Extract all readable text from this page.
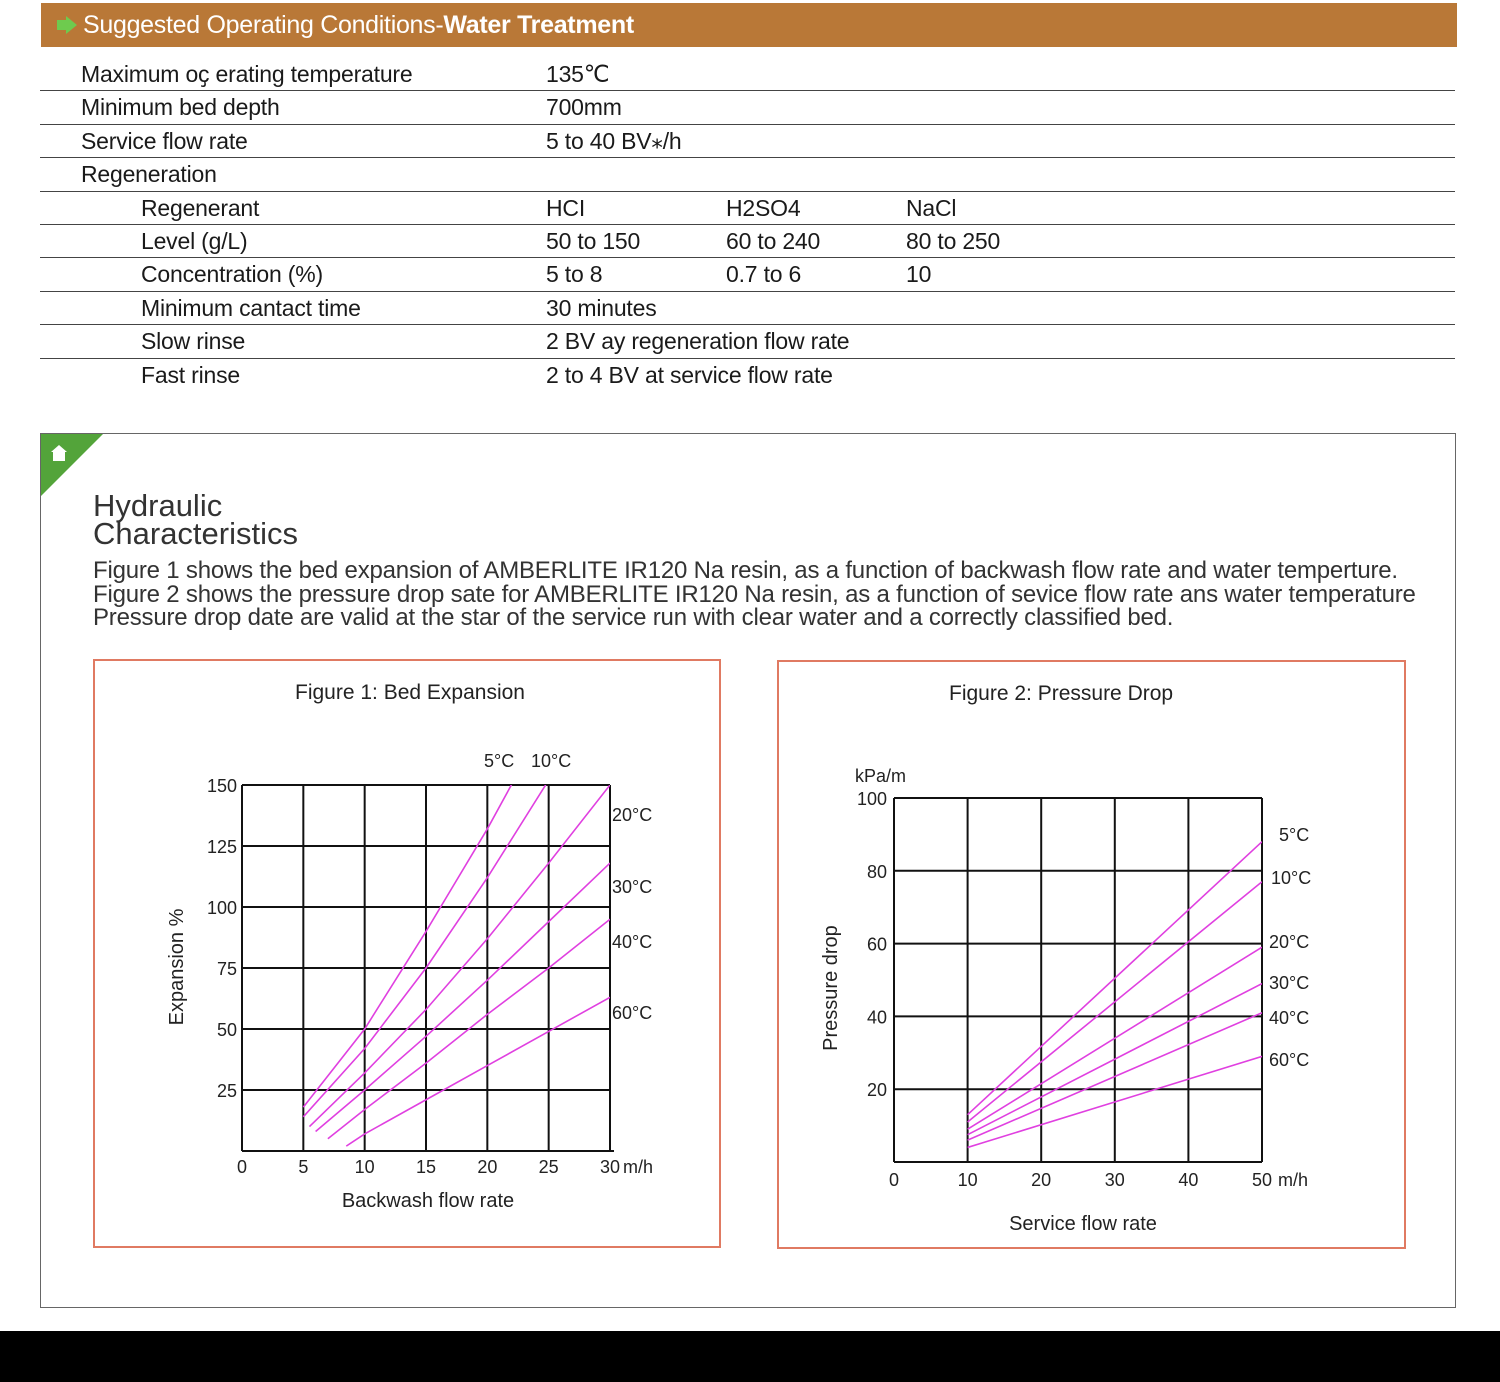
Suggested Operating Conditions-Water Treatment
Maximum oҫ erating temperature	135℃
Minimum bed depth	700mm
Service flow rate	5 to 40 BV⁎/h
Regeneration
Regenerant	HCI	H2SO4	NaCl
Level (g/L)	50 to 150	60 to 240	80 to 250
Concentration (%)	5 to 8	0.7 to 6	10
Minimum cantact time	30 minutes
Slow rinse	2 BV ay regeneration flow rate
Fast rinse	2 to 4 BV at service flow rate
Hydraulic
Characteristics
Figure 1 shows the bed expansion of AMBERLITE IR120 Na resin, as a function of backwash flow rate and water temperture.
Figure 2 shows the pressure drop sate for AMBERLITE IR120 Na resin, as a function of sevice flow rate ans water temperature
Pressure drop date are valid at the star of the service run with clear water and a correctly classified bed.
Figure 1: Bed Expansion
0	5	10 15 20 25 30
25
50
75
100
125
150
m/h
Backwash flow rate
Expansion %
5°C 10°C
20°C
30°C
40°C
60°C
Figure 2: Pressure Drop
0	10	20	30	40	50
20
40
60
80
100
m/h
kPa/m
Service flow rate
Pressure drop
5°C
10°C
20°C
30°C
40°C
60°C
